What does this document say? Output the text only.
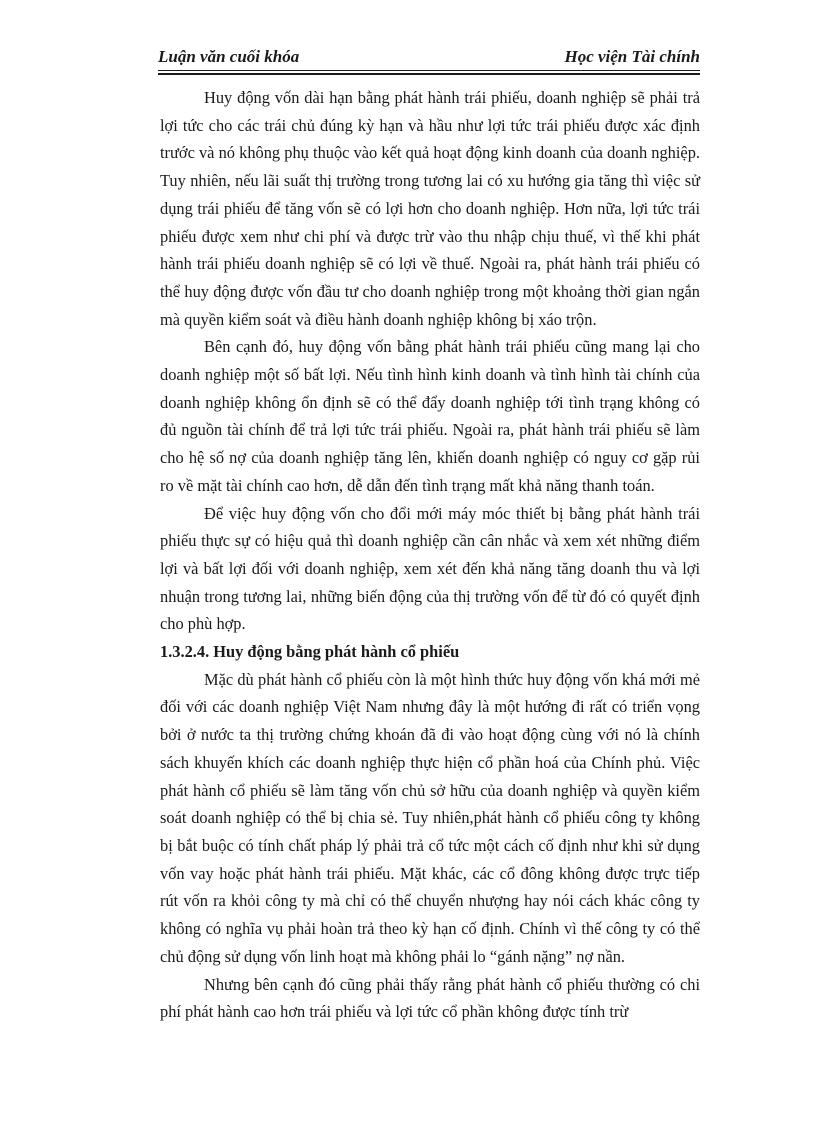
Luận văn cuối khóa	Học viện Tài chính

Huy động vốn dài hạn bằng phát hành trái phiếu, doanh nghiệp sẽ phải trả lợi tức cho các trái chủ đúng kỳ hạn và hầu như lợi tức trái phiếu được xác định trước và nó không phụ thuộc vào kết quả hoạt động kinh doanh của doanh nghiệp. Tuy nhiên, nếu lãi suất thị trường trong tương lai có xu hướng gia tăng thì việc sử dụng trái phiếu để tăng vốn sẽ có lợi hơn cho doanh nghiệp. Hơn nữa, lợi tức trái phiếu được xem như chi phí và được trừ vào thu nhập chịu thuế, vì thế khi phát hành trái phiếu doanh nghiệp sẽ có lợi về thuế. Ngoài ra, phát hành trái phiếu có thể huy động được vốn đầu tư cho doanh nghiệp trong một khoảng thời gian ngắn mà quyền kiểm soát và điều hành doanh nghiệp không bị xáo trộn.

Bên cạnh đó, huy động vốn bằng phát hành trái phiếu cũng mang lại cho doanh nghiệp một số bất lợi. Nếu tình hình kinh doanh và tình hình tài chính của doanh nghiệp không ổn định sẽ có thể đẩy doanh nghiệp tới tình trạng không có đủ nguồn tài chính để trả lợi tức trái phiếu. Ngoài ra, phát hành trái phiếu sẽ làm cho hệ số nợ của doanh nghiệp tăng lên, khiến doanh nghiệp có nguy cơ gặp rủi ro về mặt tài chính cao hơn, dễ dẫn đến tình trạng mất khả năng thanh toán.

Để việc huy động vốn cho đổi mới máy móc thiết bị bằng phát hành trái phiếu thực sự có hiệu quả thì doanh nghiệp cần cân nhắc và xem xét những điểm lợi và bất lợi đối với doanh nghiệp, xem xét đến khả năng tăng doanh thu và lợi nhuận trong tương lai, những biến động của thị trường vốn để từ đó có quyết định cho phù hợp.

1.3.2.4. Huy động bằng phát hành cổ phiếu

Mặc dù phát hành cổ phiếu còn là một hình thức huy động vốn khá mới mẻ đối với các doanh nghiệp Việt Nam nhưng đây là một hướng đi rất có triển vọng bởi ở nước ta thị trường chứng khoán đã đi vào hoạt động cùng với nó là chính sách khuyến khích các doanh nghiệp thực hiện cổ phần hoá của Chính phủ. Việc phát hành cổ phiếu sẽ làm tăng vốn chủ sở hữu của doanh nghiệp và quyền kiểm soát doanh nghiệp có thể bị chia sẻ. Tuy nhiên,phát hành cổ phiếu công ty không bị bắt buộc có tính chất pháp lý phải trả cổ tức một cách cố định như khi sử dụng vốn vay hoặc phát hành trái phiếu. Mặt khác, các cổ đông không được trực tiếp rút vốn ra khỏi công ty mà chỉ có thể chuyển nhượng hay nói cách khác công ty không có nghĩa vụ phải hoàn trả theo kỳ hạn cố định. Chính vì thế công ty có thể chủ động sử dụng vốn linh hoạt mà không phải lo “gánh nặng” nợ nần.

Nhưng bên cạnh đó cũng phải thấy rằng phát hành cổ phiếu thường có chi phí phát hành cao hơn trái phiếu và lợi tức cổ phần không được tính trừ
